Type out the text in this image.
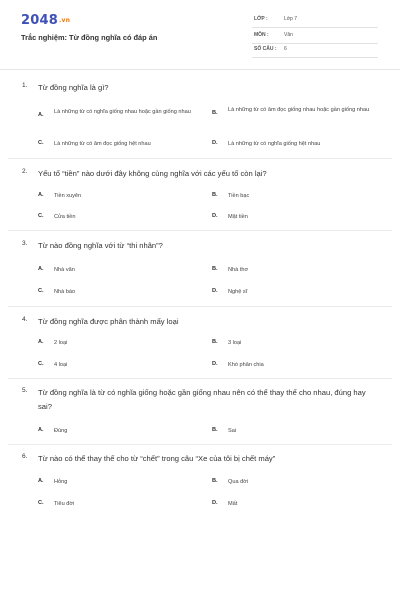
2048.vn
Trắc nghiệm: Từ đồng nghĩa có đáp án
LỚP :	Lớp 7
MÔN :	Văn
SỐ CÂU : 6
1. Từ đồng nghĩa là gì?
A. Là những từ có nghĩa giống nhau hoặc gần giống nhau	B. Là những từ có âm đọc giống nhau hoặc gần giống nhau
C. Là những từ có âm đọc giống hệt nhau	D. Là những từ có nghĩa giống hệt nhau
2. Yếu tố “tiền” nào dưới đây không cùng nghĩa với các yếu tố còn lại?
A. Tiền xuyên	B. Tiền bạc
C. Cửa tiền	D. Mặt tiền
3. Từ nào đồng nghĩa với từ “thi nhân”?
A. Nhà văn	B. Nhà thơ
C. Nhà báo	D. Nghệ sĩ
4. Từ đồng nghĩa được phân thành mấy loại
A. 2 loại	B. 3 loại
C. 4 loại	D. Khó phân chia
5. Từ đồng nghĩa là từ có nghĩa giống hoặc gần giống nhau nên có thể thay thế cho nhau, đúng hay sai?
A. Đúng	B. Sai
6. Từ nào có thể thay thế cho từ “chết” trong câu “Xe của tôi bị chết máy”
A. Hỏng	B. Qua đời
C. Tiêu đời	D. Mất
